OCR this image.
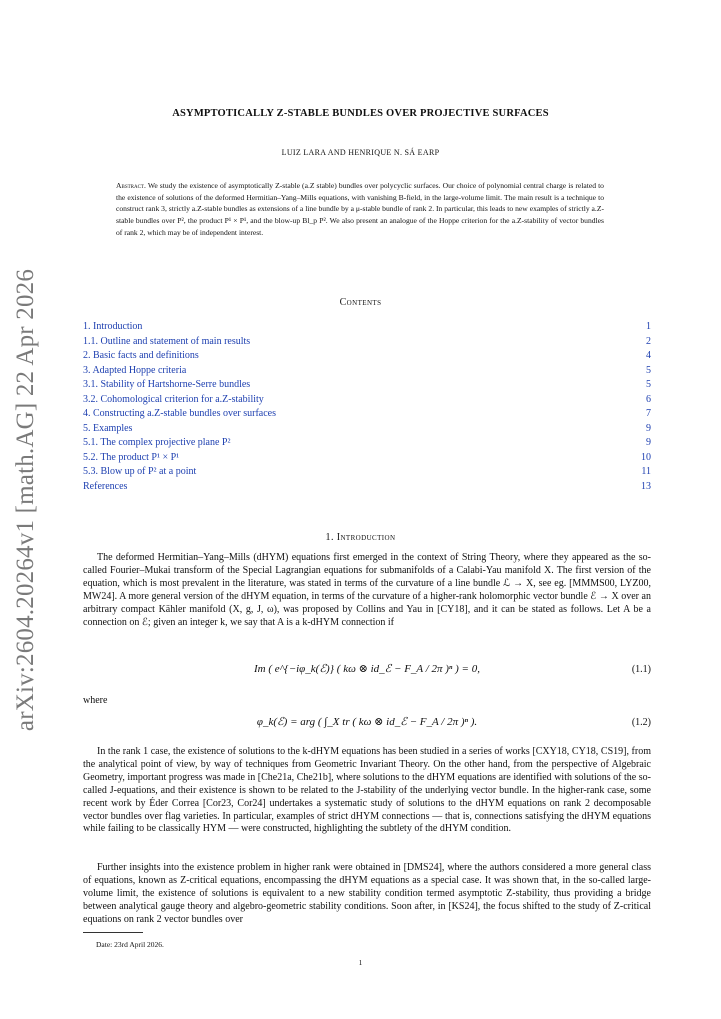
arXiv:2604.20264v1 [math.AG] 22 Apr 2026
ASYMPTOTICALLY Z-STABLE BUNDLES OVER PROJECTIVE SURFACES
LUIZ LARA AND HENRIQUE N. SÁ EARP
Abstract. We study the existence of asymptotically Z-stable (a.Z stable) bundles over polycyclic surfaces. Our choice of polynomial central charge is related to the existence of solutions of the deformed Hermitian–Yang–Mills equations, with vanishing B-field, in the large-volume limit. The main result is a technique to construct rank 3, strictly a.Z-stable bundles as extensions of a line bundle by a μ-stable bundle of rank 2. In particular, this leads to new examples of strictly a.Z-stable bundles over P², the product P¹ × P¹, and the blow-up Bl_p P². We also present an analogue of the Hoppe criterion for the a.Z-stability of vector bundles of rank 2, which may be of independent interest.
Contents
1. Introduction	1
1.1. Outline and statement of main results	2
2. Basic facts and definitions	4
3. Adapted Hoppe criteria	5
3.1. Stability of Hartshorne-Serre bundles	5
3.2. Cohomological criterion for a.Z-stability	6
4. Constructing a.Z-stable bundles over surfaces	7
5. Examples	9
5.1. The complex projective plane P²	9
5.2. The product P¹ × P¹	10
5.3. Blow up of P² at a point	11
References	13
1. Introduction

The deformed Hermitian–Yang–Mills (dHYM) equations first emerged in the context of String Theory, where they appeared as the so-called Fourier–Mukai transform of the Special Lagrangian equations for submanifolds of a Calabi-Yau manifold X. The first version of the equation, which is most prevalent in the literature, was stated in terms of the curvature of a line bundle ℒ → X, see eg. [MMMS00, LYZ00, MW24]. A more general version of the dHYM equation, in terms of the curvature of a higher-rank holomorphic vector bundle ℰ → X over an arbitrary compact Kähler manifold (X, g, J, ω), was proposed by Collins and Yau in [CY18], and it can be stated as follows. Let A be a connection on ℰ; given an integer k, we say that A is a k-dHYM connection if

Im ( e^{−iφ_k(ℰ)} ( kω ⊗ id_ℰ − F_A / 2π )ⁿ ) = 0,	(1.1)
where
φ_k(ℰ) = arg ( ∫_X tr ( kω ⊗ id_ℰ − F_A / 2π )ⁿ ).	(1.2)

In the rank 1 case, the existence of solutions to the k-dHYM equations has been studied in a series of works [CXY18, CY18, CS19], from the analytical point of view, by way of techniques from Geometric Invariant Theory. On the other hand, from the perspective of Algebraic Geometry, important progress was made in [Che21a, Che21b], where solutions to the dHYM equations are identified with solutions of the so-called J-equations, and their existence is shown to be related to the J-stability of the underlying vector bundle. In the higher-rank case, some recent work by Éder Correa [Cor23, Cor24] undertakes a systematic study of solutions to the dHYM equations on rank 2 decomposable vector bundles over flag varieties. In particular, examples of strict dHYM connections — that is, connections satisfying the dHYM equations while failing to be classically HYM — were constructed, highlighting the subtlety of the dHYM condition.

Further insights into the existence problem in higher rank were obtained in [DMS24], where the authors considered a more general class of equations, known as Z-critical equations, encompassing the dHYM equations as a special case. It was shown that, in the so-called large-volume limit, the existence of solutions is equivalent to a new stability condition termed asymptotic Z-stability, thus providing a bridge between analytical gauge theory and algebro-geometric stability conditions. Soon after, in [KS24], the focus shifted to the study of Z-critical equations on rank 2 vector bundles over

Date: 23rd April 2026.
1
